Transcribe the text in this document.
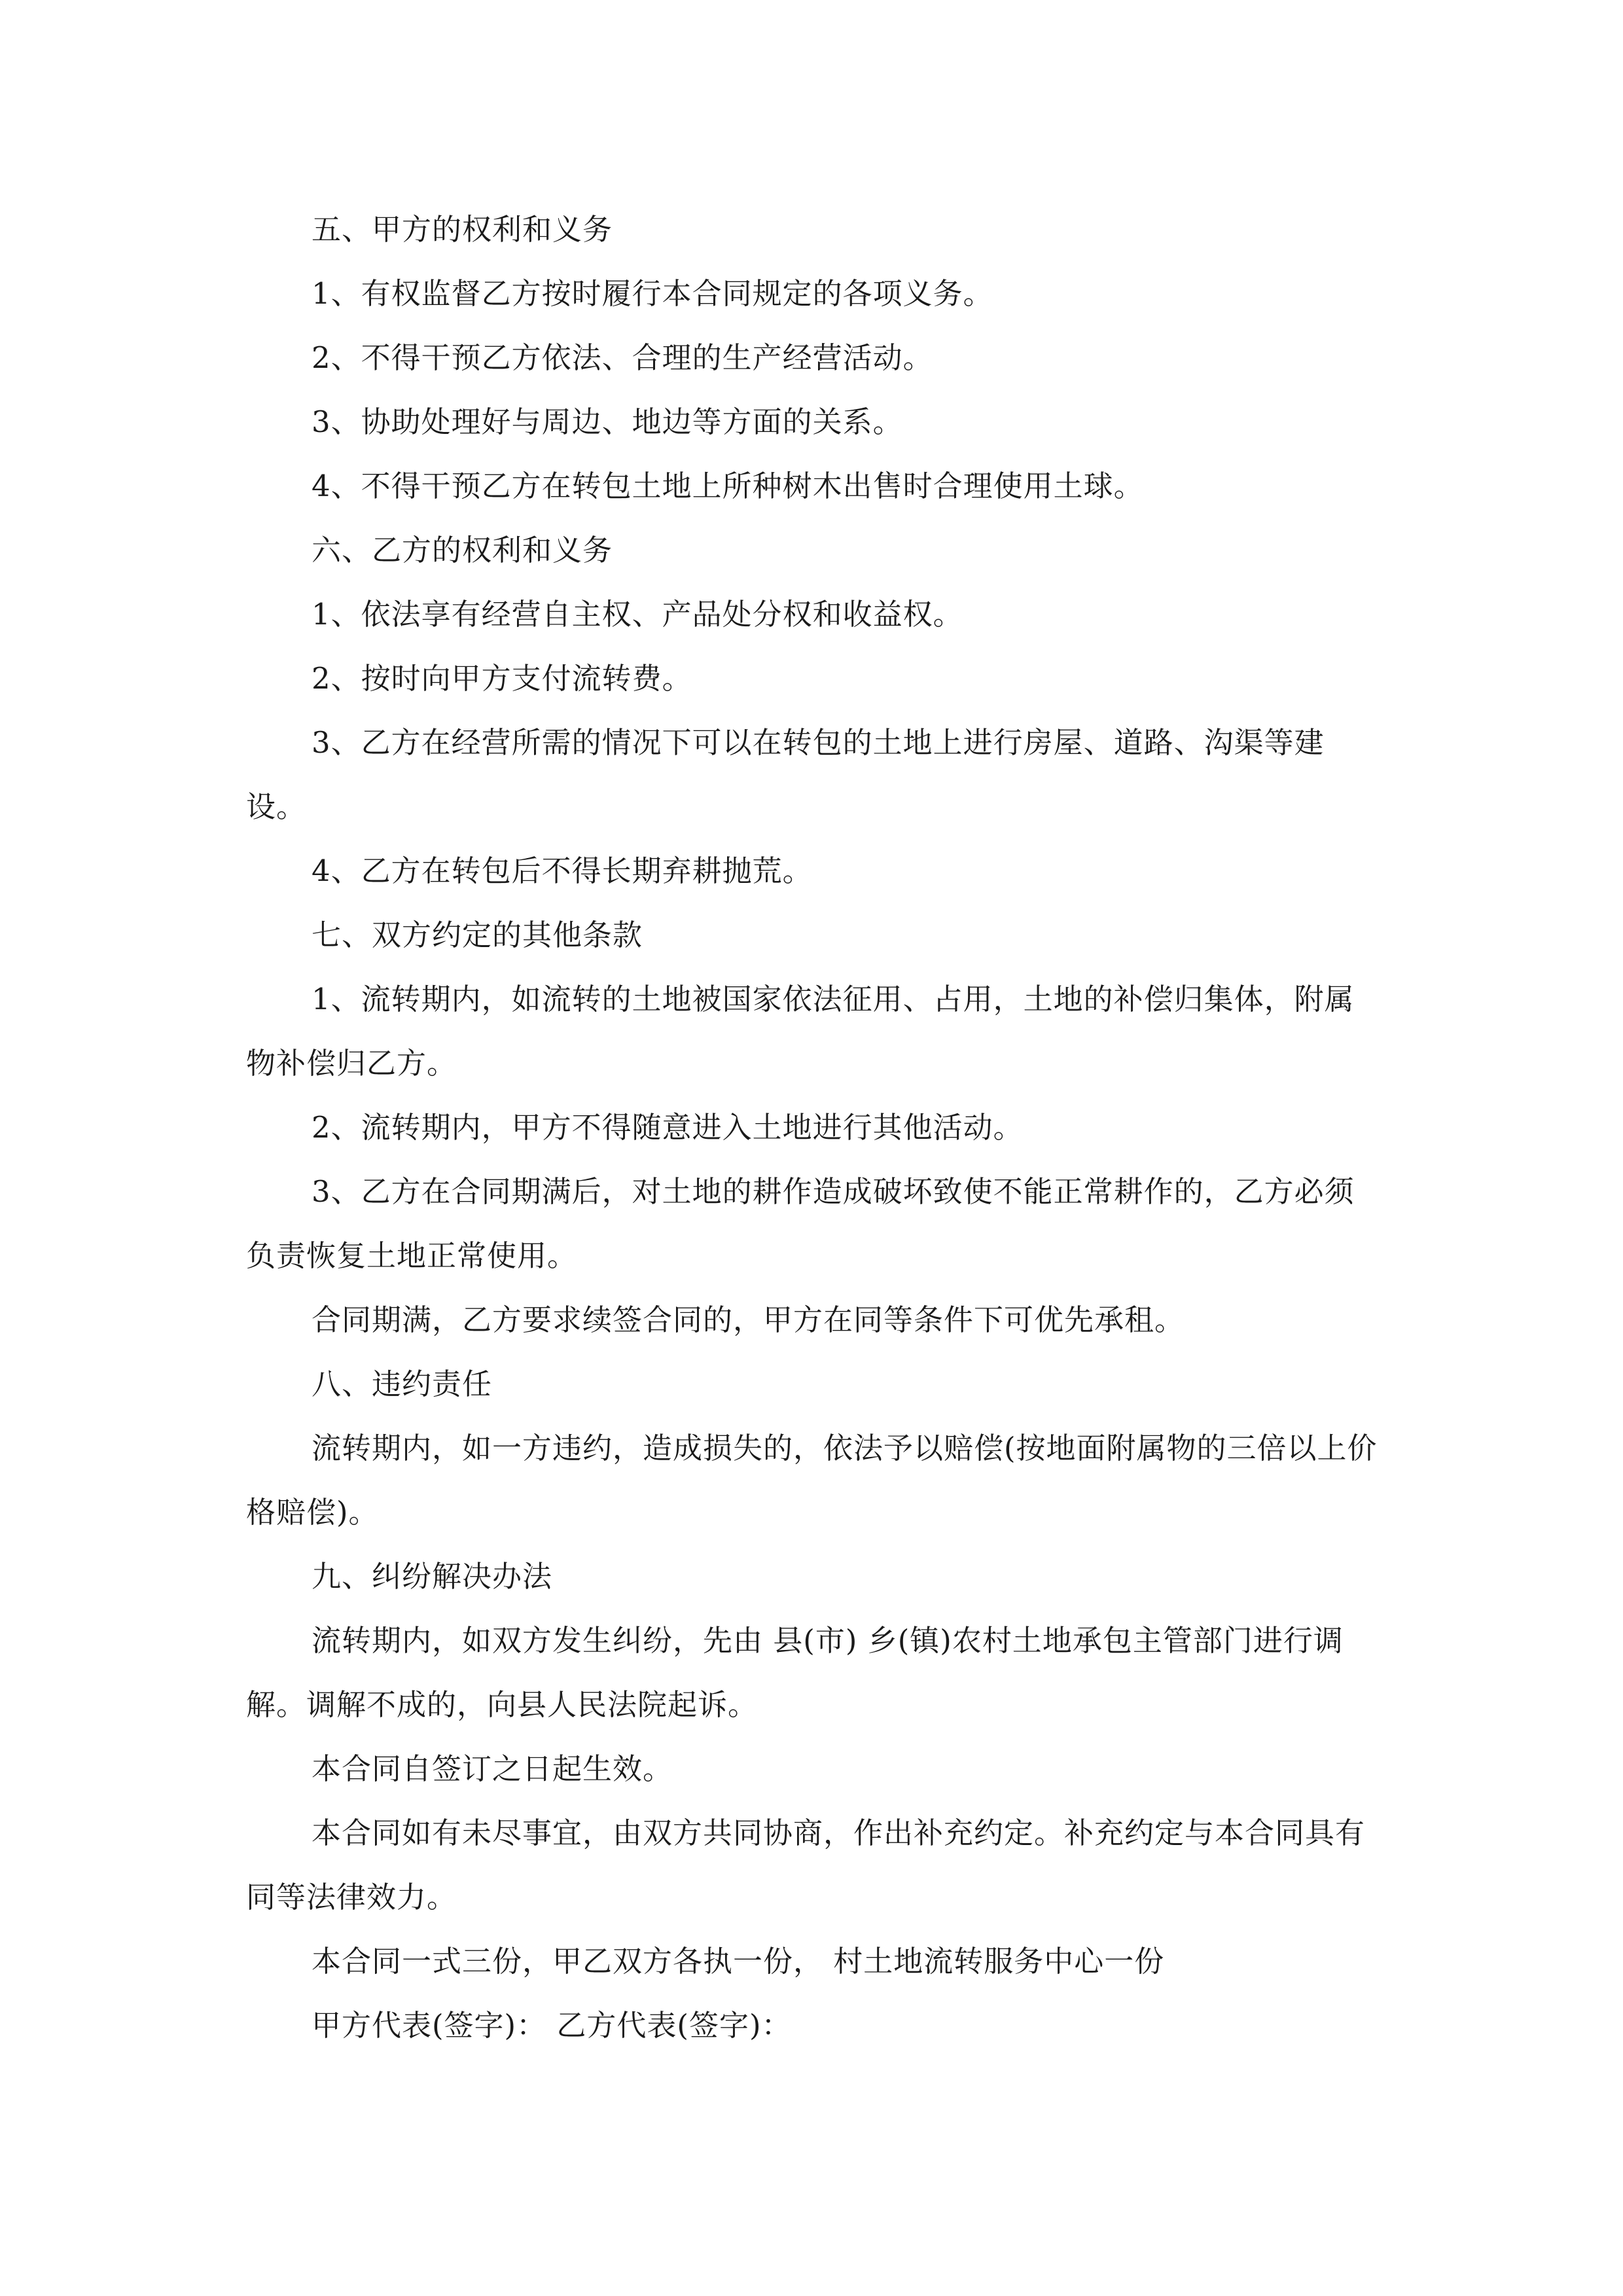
五、甲方的权利和义务

1、有权监督乙方按时履行本合同规定的各项义务。

2、不得干预乙方依法、合理的生产经营活动。

3、协助处理好与周边、地边等方面的关系。

4、不得干预乙方在转包土地上所种树木出售时合理使用土球。

六、乙方的权利和义务

1、依法享有经营自主权、产品处分权和收益权。

2、按时向甲方支付流转费。

3、乙方在经营所需的情况下可以在转包的土地上进行房屋、道路、沟渠等建设。

4、乙方在转包后不得长期弃耕抛荒。

七、双方约定的其他条款

1、流转期内，如流转的土地被国家依法征用、占用，土地的补偿归集体，附属物补偿归乙方。

2、流转期内，甲方不得随意进入土地进行其他活动。

3、乙方在合同期满后，对土地的耕作造成破坏致使不能正常耕作的，乙方必须负责恢复土地正常使用。

合同期满，乙方要求续签合同的，甲方在同等条件下可优先承租。

八、违约责任

流转期内，如一方违约，造成损失的，依法予以赔偿(按地面附属物的三倍以上价格赔偿)。

九、纠纷解决办法

流转期内，如双方发生纠纷，先由 县(市) 乡(镇)农村土地承包主管部门进行调解。调解不成的，向县人民法院起诉。

本合同自签订之日起生效。

本合同如有未尽事宜，由双方共同协商，作出补充约定。补充约定与本合同具有同等法律效力。

本合同一式三份，甲乙双方各执一份， 村土地流转服务中心一份

甲方代表(签字)： 乙方代表(签字)：
